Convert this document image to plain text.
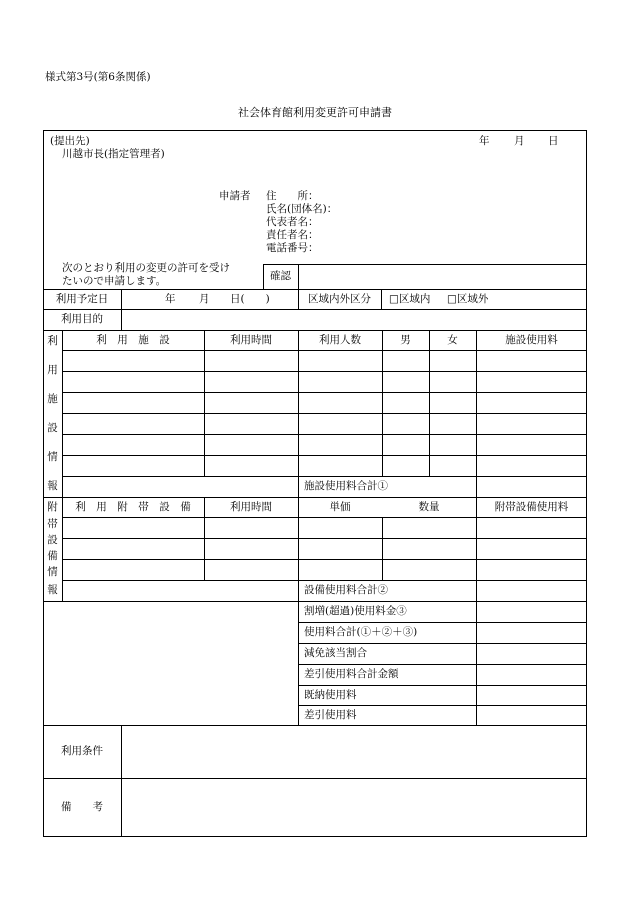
様式第3号(第6条関係)
社会体育館利用変更許可申請書
(提出先)
川越市長(指定管理者)
年 月 日
申請者 住　　所：
氏名(団体名)：
代表者名：
責任者名：
電話番号：
次のとおり利用の変更の許可を受け
たいので申請します。	確認
利用予定日	年 月 日(　　)	区域内外区分	□区域内 □区域外
利用目的
利　用　施　設	利用時間	利用人数	男	女	施設使用料
施設使用料合計①
利
用
施
設
情
報
利　用　附　帯　設　備	利用時間	単価	数量	附帯設備使用料
設備使用料合計②
附
帯
設
備
情
報
割増(超過)使用料金③
使用料合計(①＋②＋③)
減免該当割合
差引使用料合計金額
既納使用料
差引使用料
利用条件
備　　考
